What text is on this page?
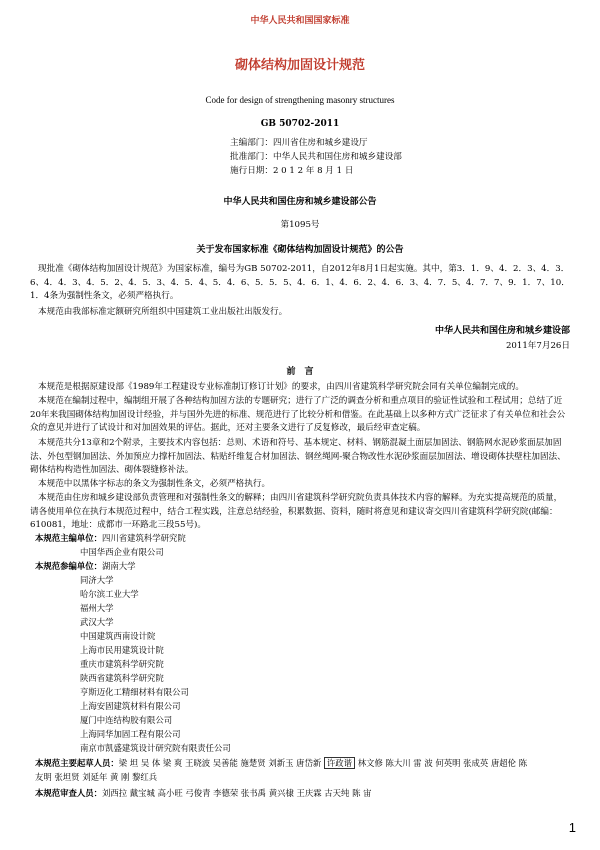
中华人民共和国国家标准
砌体结构加固设计规范
Code for design of strengthening masonry structures
GB 50702-2011
主编部门：四川省住房和城乡建设厅
批准部门：中华人民共和国住房和城乡建设部
施行日期：2 0 1 2 年 8 月 1 日
中华人民共和国住房和城乡建设部公告
第1095号
关于发布国家标准《砌体结构加固设计规范》的公告
现批准《砌体结构加固设计规范》为国家标准，编号为GB 50702-2011，自2012年8月1日起实施。其中，第3．1．9、4．2．3、4．3．6、4．4．3、4．5．2、4．5．3、4．5．4、5．4．6、5．5．5、4．6．1、4．6．2、4．6．3、4．7．5、4．7．7、9．1．7、10．1．4条为强制性条文，必须严格执行。
本规范由我部标准定额研究所组织中国建筑工业出版社出版发行。
中华人民共和国住房和城乡建设部
2011年7月26日
前　言
本规范是根据原建设部《1989年工程建设专业标准制订修订计划》的要求，由四川省建筑科学研究院会同有关单位编制完成的。
本规范在编制过程中，编制组开展了各种结构加固方法的专题研究；进行了广泛的调查分析和重点项目的验证性试验和工程试用；总结了近20年来我国砌体结构加固设计经验，并与国外先进的标准、规范进行了比较分析和借鉴。在此基础上以多种方式广泛征求了有关单位和社会公众的意见并进行了试设计和对加固效果的评估。据此，还对主要条文进行了反复修改，最后经审查定稿。
本规范共分13章和2个附录，主要技术内容包括：总则、术语和符号、基本规定、材料、钢筋混凝土面层加固法、钢筋网水泥砂浆面层加固法、外包型钢加固法、外加预应力撑杆加固法、粘贴纤维复合材加固法、钢丝绳网-聚合物改性水泥砂浆面层加固法、增设砌体扶壁柱加固法、砌体结构构造性加固法、砌体裂缝修补法。
本规范中以黑体字标志的条文为强制性条文，必须严格执行。
本规范由住房和城乡建设部负责管理和对强制性条文的解释；由四川省建筑科学研究院负责具体技术内容的解释。为充实提高规范的质量，请各使用单位在执行本规范过程中，结合工程实践，注意总结经验，积累数据、资料，随时将意见和建议寄交四川省建筑科学研究院(邮编：610081，地址：成都市一环路北三段55号)。
本规范主编单位：四川省建筑科学研究院
中国华西企业有限公司
本规范参编单位：湖南大学
同济大学
哈尔滨工业大学
福州大学
武汉大学
中国建筑西南设计院
上海市民用建筑设计院
重庆市建筑科学研究院
陕西省建筑科学研究院
亨斯迈化工精细材料有限公司
上海安固建筑材料有限公司
厦门中连结构胶有限公司
上海同华加固工程有限公司
南京市凯盛建筑设计研究院有限责任公司
本规范主要起草人员：梁 坦 吴 体 梁 爽 王晓波 吴善能 施楚贤 刘新玉 唐岱新 许政谐 林文修 陈大川 雷 波 何英明 张成英 唐超伦 陈
友明 张坦贤 刘延年 黄 刚 黎红兵
本规范审查人员：刘西拉 戴宝城 高小旺 弓俊青 李德荣 张书禹 黄兴棣 王庆霖 古天纯 陈 宙
1
